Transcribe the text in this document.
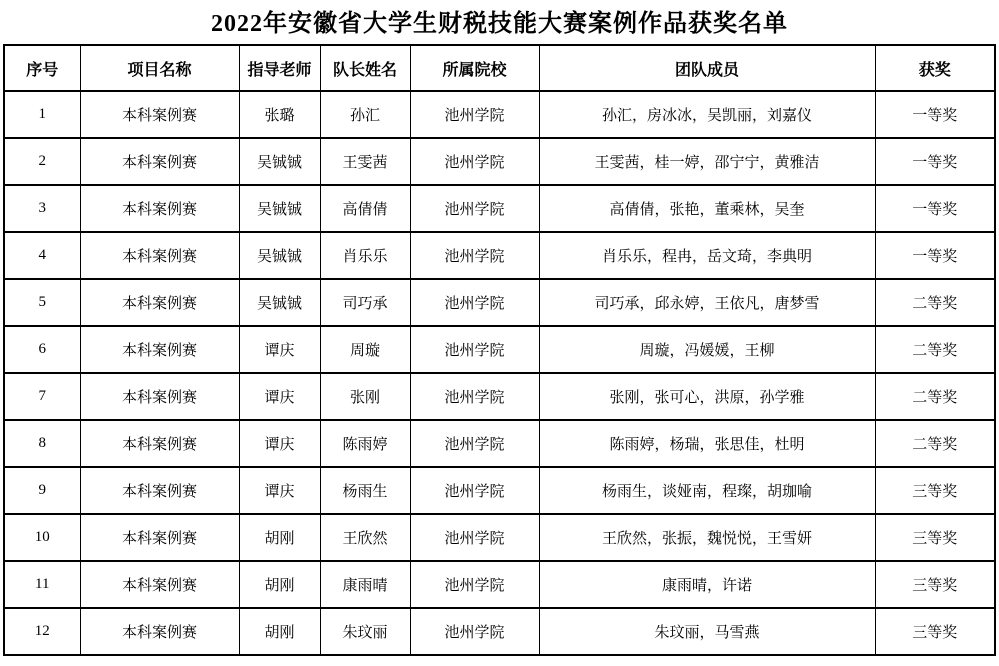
2022年安徽省大学生财税技能大赛案例作品获奖名单
序号	项目名称	指导老师	队长姓名	所属院校	团队成员	获奖
1	本科案例赛	张璐	孙汇	池州学院	孙汇，房冰冰，吴凯丽，刘嘉仪	一等奖
2	本科案例赛	吴铖铖	王雯茜	池州学院	王雯茜，桂一婷，邵宁宁，黄雅洁	一等奖
3	本科案例赛	吴铖铖	高倩倩	池州学院	高倩倩，张艳，董乘林，吴奎	一等奖
4	本科案例赛	吴铖铖	肖乐乐	池州学院	肖乐乐，程冉，岳文琦，李典明	一等奖
5	本科案例赛	吴铖铖	司巧承	池州学院	司巧承，邱永婷，王依凡，唐梦雪	二等奖
6	本科案例赛	谭庆	周璇	池州学院	周璇，冯媛媛，王柳	二等奖
7	本科案例赛	谭庆	张刚	池州学院	张刚，张可心，洪原，孙学雅	二等奖
8	本科案例赛	谭庆	陈雨婷	池州学院	陈雨婷，杨瑞，张思佳，杜明	二等奖
9	本科案例赛	谭庆	杨雨生	池州学院	杨雨生，谈娅南，程璨，胡珈喻	三等奖
10	本科案例赛	胡刚	王欣然	池州学院	王欣然，张振，魏悦悦，王雪妍	三等奖
11	本科案例赛	胡刚	康雨晴	池州学院	康雨晴，许诺	三等奖
12	本科案例赛	胡刚	朱玟丽	池州学院	朱玟丽，马雪燕	三等奖
